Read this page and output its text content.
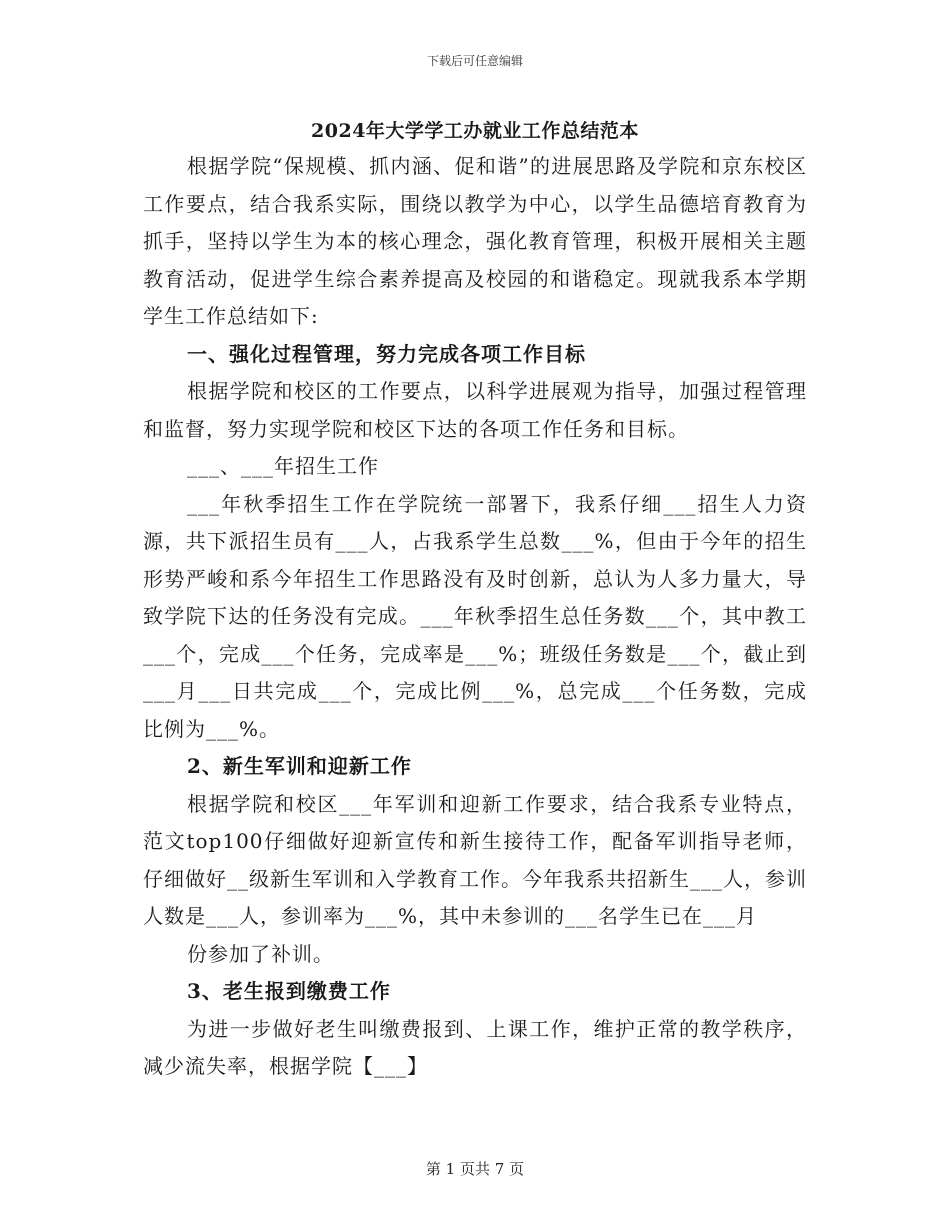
下载后可任意编辑
2024年大学学工办就业工作总结范本

根据学院“保规模、抓内涵、促和谐”的进展思路及学院和京东校区工作要点，结合我系实际，围绕以教学为中心，以学生品德培育教育为抓手，坚持以学生为本的核心理念，强化教育管理，积极开展相关主题教育活动，促进学生综合素养提高及校园的和谐稳定。现就我系本学期学生工作总结如下:

一、强化过程管理，努力完成各项工作目标

根据学院和校区的工作要点，以科学进展观为指导，加强过程管理和监督，努力实现学院和校区下达的各项工作任务和目标。

___、___年招生工作

___年秋季招生工作在学院统一部署下，我系仔细___招生人力资源，共下派招生员有___人，占我系学生总数___%，但由于今年的招生形势严峻和系今年招生工作思路没有及时创新，总认为人多力量大，导致学院下达的任务没有完成。___年秋季招生总任务数___个，其中教工___个，完成___个任务，完成率是___%；班级任务数是___个，截止到___月___日共完成___个，完成比例___%，总完成___个任务数，完成比例为___%。

2、新生军训和迎新工作

根据学院和校区___年军训和迎新工作要求，结合我系专业特点，范文top100仔细做好迎新宣传和新生接待工作，配备军训指导老师，仔细做好__级新生军训和入学教育工作。今年我系共招新生___人，参训人数是___人，参训率为___%，其中未参训的___名学生已在___月

份参加了补训。

3、老生报到缴费工作

为进一步做好老生叫缴费报到、上课工作，维护正常的教学秩序，减少流失率，根据学院【___】

第 1 页共 7 页
